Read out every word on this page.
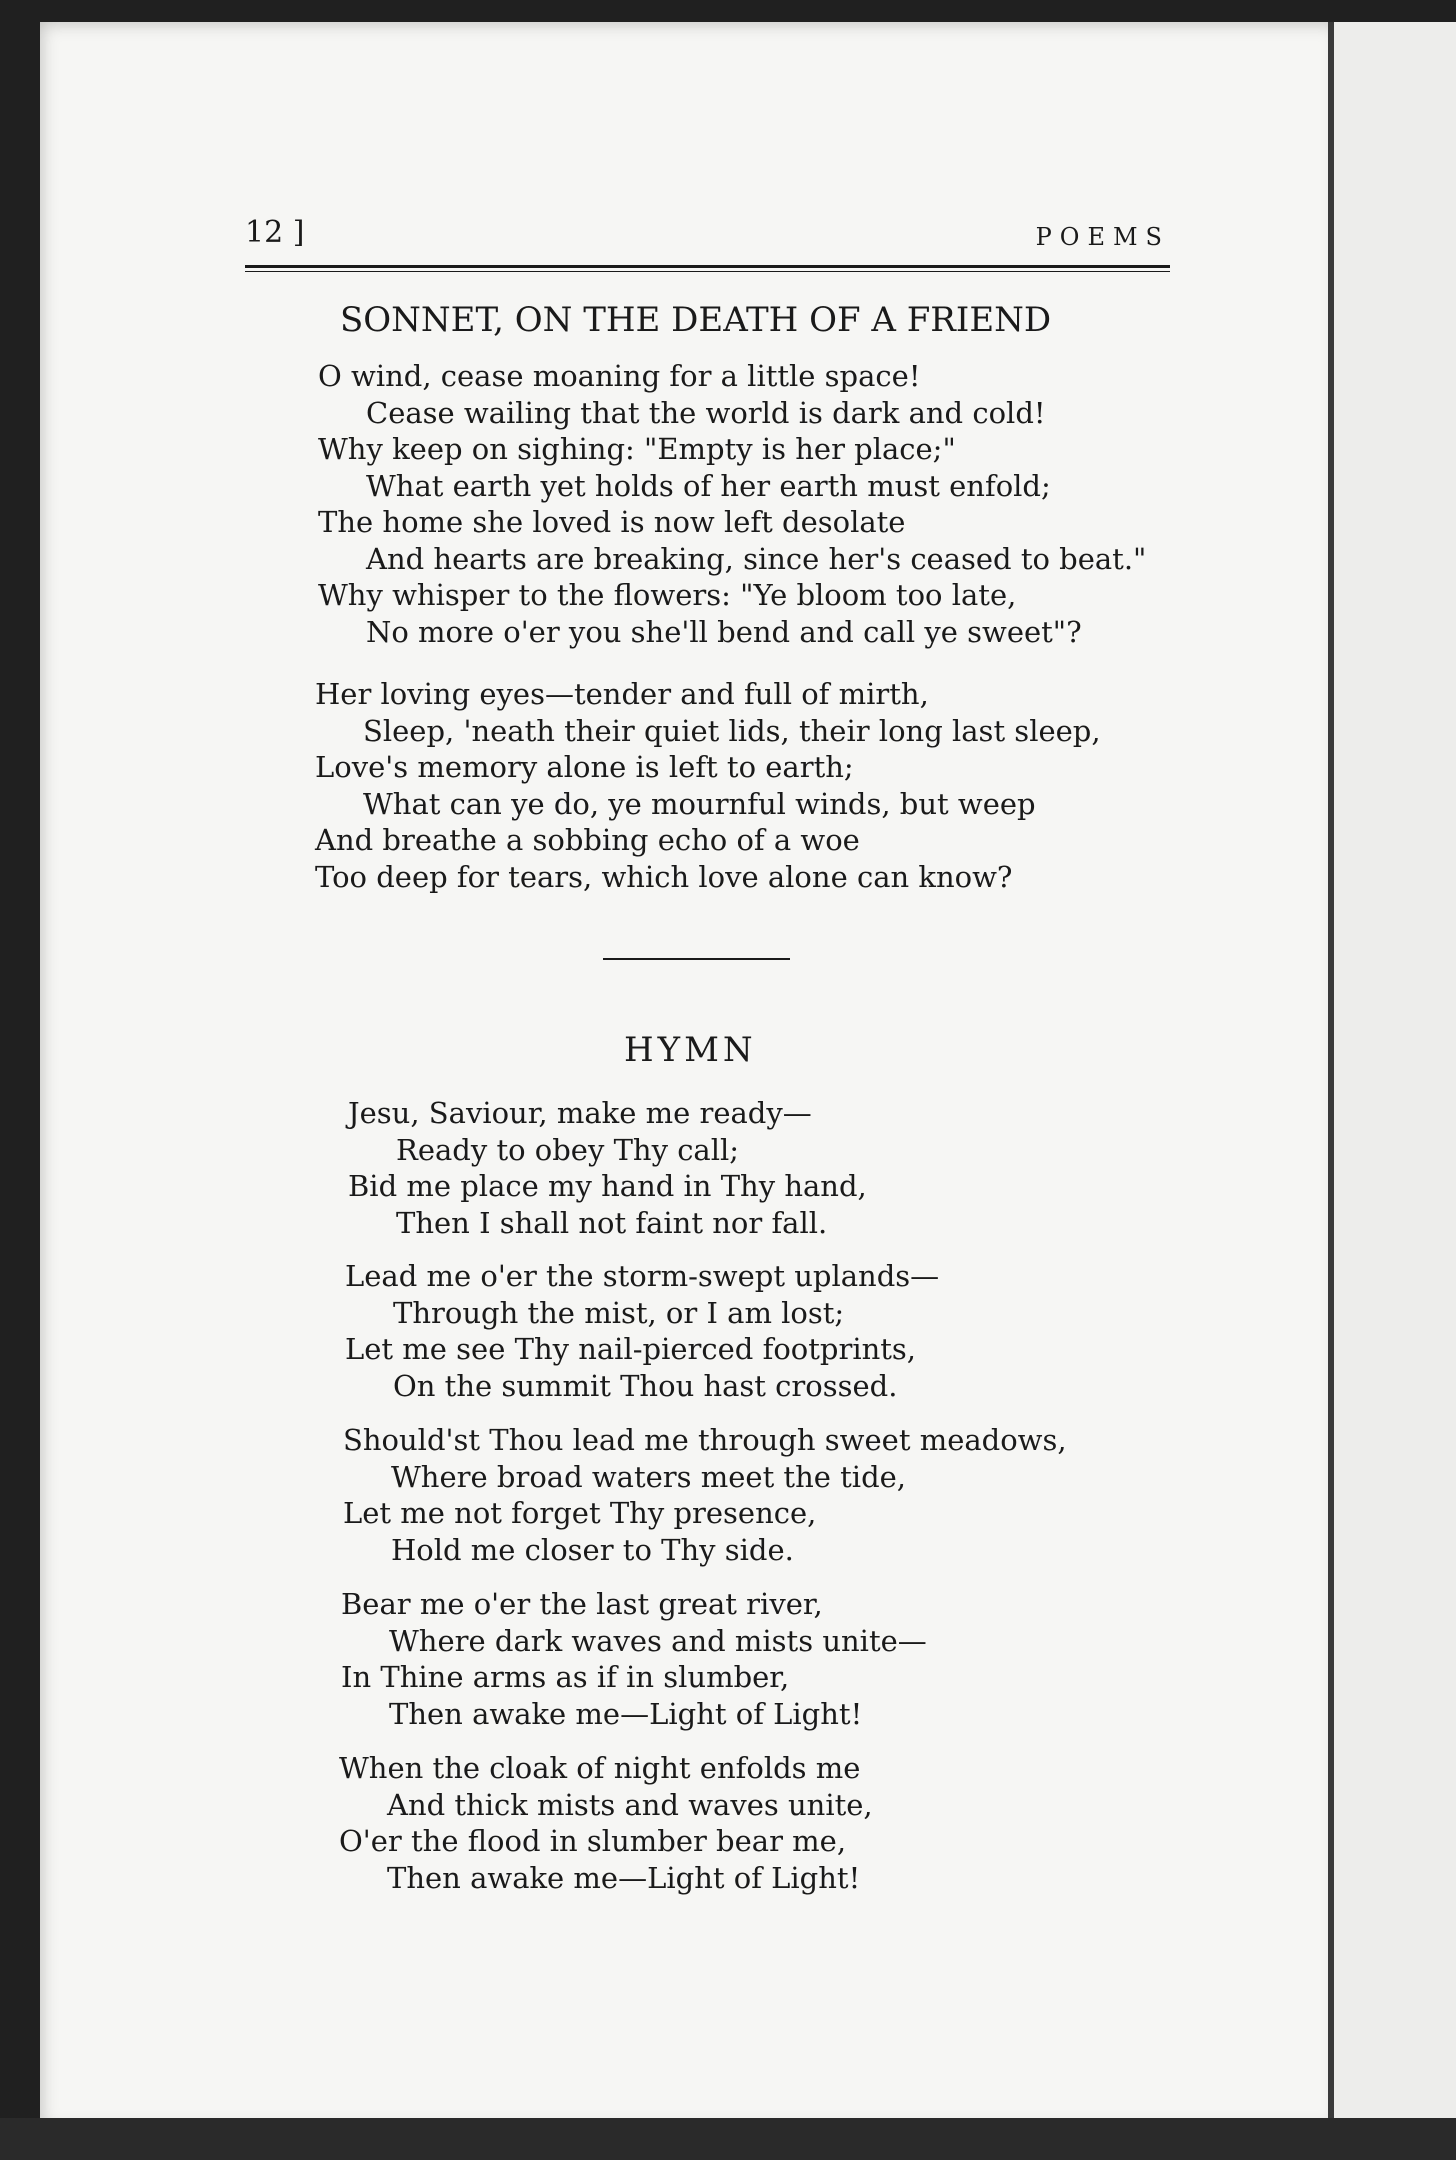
12 ]	POEMS
SONNET, ON THE DEATH OF A FRIEND
O wind, cease moaning for a little space!
Cease wailing that the world is dark and cold!
Why keep on sighing: "Empty is her place;"
What earth yet holds of her earth must enfold;
The home she loved is now left desolate
And hearts are breaking, since her's ceased to beat."
Why whisper to the flowers: "Ye bloom too late,
No more o'er you she'll bend and call ye sweet"?
Her loving eyes—tender and full of mirth,
Sleep, 'neath their quiet lids, their long last sleep,
Love's memory alone is left to earth;
What can ye do, ye mournful winds, but weep
And breathe a sobbing echo of a woe
Too deep for tears, which love alone can know?
HYMN
Jesu, Saviour, make me ready—
Ready to obey Thy call;
Bid me place my hand in Thy hand,
Then I shall not faint nor fall.
Lead me o'er the storm-swept uplands—
Through the mist, or I am lost;
Let me see Thy nail-pierced footprints,
On the summit Thou hast crossed.
Should'st Thou lead me through sweet meadows,
Where broad waters meet the tide,
Let me not forget Thy presence,
Hold me closer to Thy side.
Bear me o'er the last great river,
Where dark waves and mists unite—
In Thine arms as if in slumber,
Then awake me—Light of Light!
When the cloak of night enfolds me
And thick mists and waves unite,
O'er the flood in slumber bear me,
Then awake me—Light of Light!
